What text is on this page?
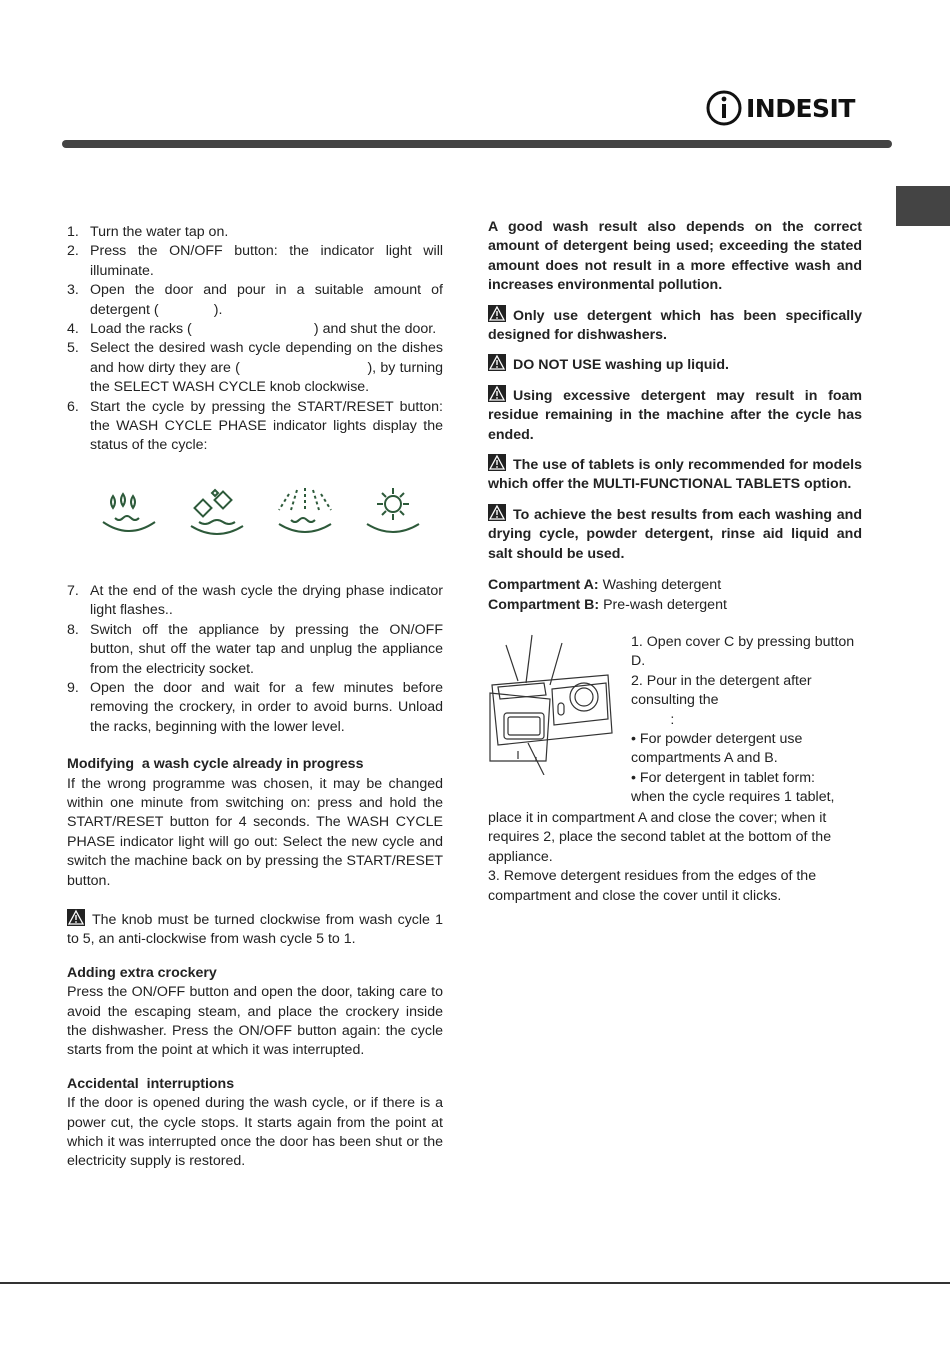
INDESIT
1. Turn the water tap on.
2. Press the ON/OFF button: the indicator light will illuminate.
3. Open the door and pour in a suitable amount of detergent (              ).
4. Load the racks (                               ) and shut the door.
5. Select the desired wash cycle depending on the dishes and how dirty they are (                              ), by turning the SELECT WASH CYCLE knob clockwise.
6. Start the cycle by pressing the START/RESET button: the WASH CYCLE PHASE indicator lights display the status of the cycle:
7. At the end of the wash cycle the drying phase indicator light flashes..
8. Switch off the appliance by pressing the ON/OFF button, shut off the water tap and unplug the appliance from the electricity socket.
9. Open the door and wait for a few minutes before removing the crockery, in order to avoid burns. Unload the racks, beginning with the lower level.
Modifying  a wash cycle already in progress
If the wrong programme was chosen, it may be changed within one minute from switching on: press and hold the START/RESET button for 4 seconds. The WASH CYCLE PHASE indicator light will go out: Select the new cycle and switch the machine back on by pressing the START/RESET button.
The knob must be turned clockwise from wash cycle 1 to 5, an anti-clockwise from wash cycle 5 to 1.
Adding extra crockery
Press the ON/OFF button and open the door, taking care to avoid the escaping steam, and place the crockery inside the dishwasher. Press the ON/OFF button again: the cycle starts from the point at which it was interrupted.
Accidental  interruptions
If the door is opened during the wash cycle, or if there is a power cut, the cycle stops. It starts again from the point at which it was interrupted once the door has been shut or the electricity supply is restored.
A good wash result also depends on the correct amount of detergent being used; exceeding the stated amount does not result in a more effective wash and increases environmental pollution.
Only use detergent which has been specifically designed for dishwashers.
DO NOT USE washing up liquid.
Using excessive detergent may result in foam residue remaining in the machine after the cycle has ended.
The use of tablets is only recommended for models which offer the MULTI-FUNCTIONAL TABLETS option.
To achieve the best results from each washing and drying cycle, powder detergent, rinse aid liquid and salt should be used.
Compartment A: Washing detergent
Compartment B: Pre-wash detergent
1. Open cover C by pressing button D.
2. Pour in the detergent after consulting the
:
• For powder detergent use compartments A and B.
• For detergent in tablet form:
when the cycle requires 1 tablet,
place it in compartment A and close the cover; when it requires 2, place the second tablet at the bottom of the appliance.
3. Remove detergent residues from the edges of the compartment and close the cover until it clicks.
